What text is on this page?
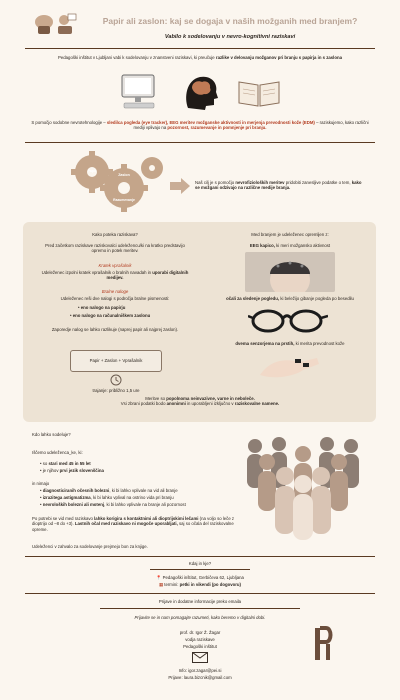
Papir ali zaslon: kaj se dogaja v naših možganih med branjem?
Vabilo k sodelovanju v nevro-kognitivni raziskavi
Pedagoški inštitut v Ljubljani vabi k sodelovanju v znanstveni raziskavi, ki preučuje razlike v delovanju možganov pri branju s papirja in s zaslona
S pomočjo sodobne nevrotehnologije – sledilca pogleda (eye tracker), EEG meritev možganske aktivnosti in merjenja prevodnosti kože (EDM) – raziskujemo, kako različni mediji vplivajo na pozornost, razumevanje in pomnjenje pri branju.
Papir
Zaslon
Razumevanje
Naš cilj je s pomočjo nevrofizioloških meritev pridobiti zanesljive podatke o tem, kako se možgani odzivajo na različne medije branja.
Kako poteka raziskava?
Pred začetkom raziskave raziskovalci udeležencu/ki na kratko predstavijo opremo in potek meritev.
Kratek vprašalnik
Udeleženec izpolni kratek vprašalnik o bralnih navadah in uporabi digitalnih medijev.
Bralne naloge
Udeleženec reši dve nalogi s področja bralne pismenosti:
• eno nalogo na papirju
• eno nalogo na računalniškem zaslonu
Zaporedje nalog se lahko razlikuje (naprej papir ali najprej zaslon).
Papir + Zaslon + Vprašalnik
trajanje: približno 1,5 ure
Med branjem je udeleženec opremljen z:
EEG kapico, ki meri možgansko aktivnost
očali za sledenje pogledu, ki beležijo gibanje pogleda po besedilu
dvema senzorjema na prstih, ki merita prevodnost kože
Meritve so popolnoma neinvazivne, varne in neboleče.
Vsi zbrani podatki bodo anonimni in uporabljeni izključno v raziskovalne namene.
Kdo lahko sodeluje?
Iščemo udeleženca_ke, ki:
• so stari med 45 in 55 let
• je njihov prvi jezik slovenščina
in nimajo
• diagnosticiranih očesnih bolezni, ki bi lahko vplivale na vid ali branje
• izrazitega astigmatizma, ki bi lahko vplival na ostrino vida pri branju
• nevroloških bolezni ali motenj, ki bi lahko vplivale na branje ali pozornost
Po potrebi se vid med raziskavo lahko korigira s kontaktnimi ali dioptrijskimi lečami (na voljo so leče z dioptrijo od –8 do +3). Lastnih očal med raziskavo ni mogoče uporabljati, saj so očala del raziskovalne opreme.
Udeleženci v zahvalo za sodelovanje prejmejo bon za knjige.
Kdaj in kje?
📍 Pedagoški inštitut, Gerbičeva 62, Ljubljana
▦ termini: petki in vikendi (po dogovoru)
Prijave in dodatne informacije preko emaila
Prijavite se in nam pomagajte razumeti, kako beremo v digitalni dobi.
prof. dr. Igor Ž. Žagar
vodja raziskave
Pedagoški inštitut
Info: igor.zagar@pei.si
Prijave: laura.bizcnik@gmail.com
